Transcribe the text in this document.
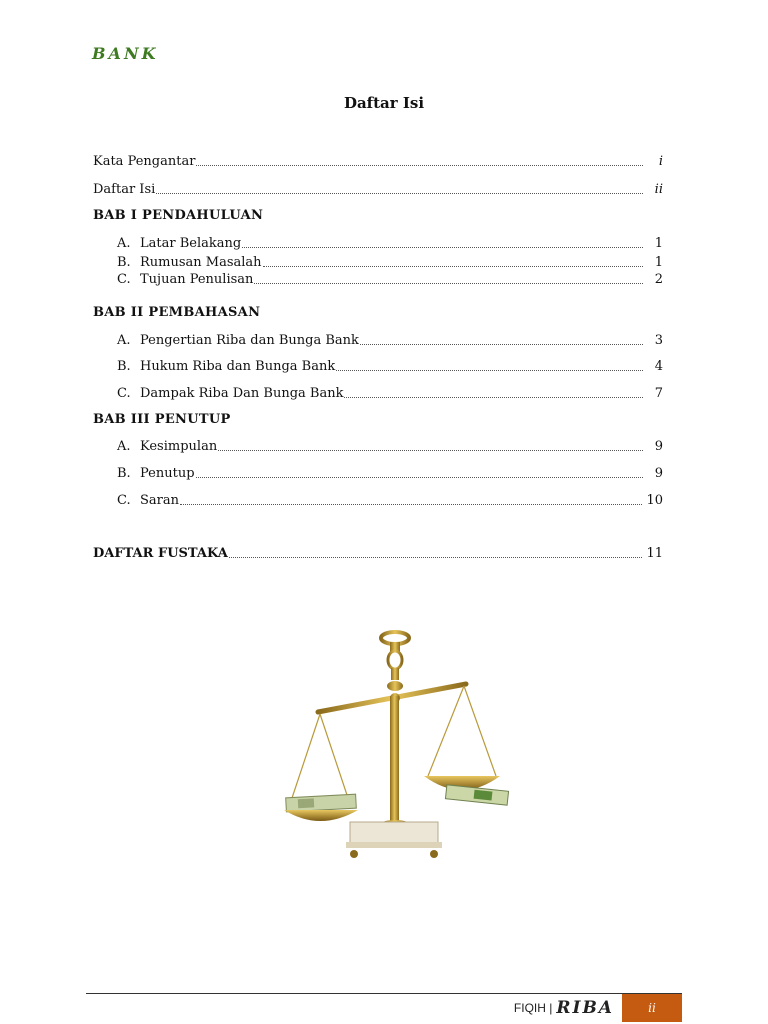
BANK
Daftar Isi
Kata Pengantar	i
Daftar Isi	ii
BAB I PENDAHULUAN
A. Latar Belakang	1
B. Rumusan Masalah	1
C. Tujuan Penulisan	2
BAB II PEMBAHASAN
A. Pengertian Riba dan Bunga Bank	3
B. Hukum Riba dan Bunga Bank	4
C. Dampak Riba Dan Bunga Bank	7
BAB III PENUTUP
A. Kesimpulan	9
B. Penutup	9
C. Saran	10
DAFTAR FUSTAKA	11
FIQIH | RIBA	ii
